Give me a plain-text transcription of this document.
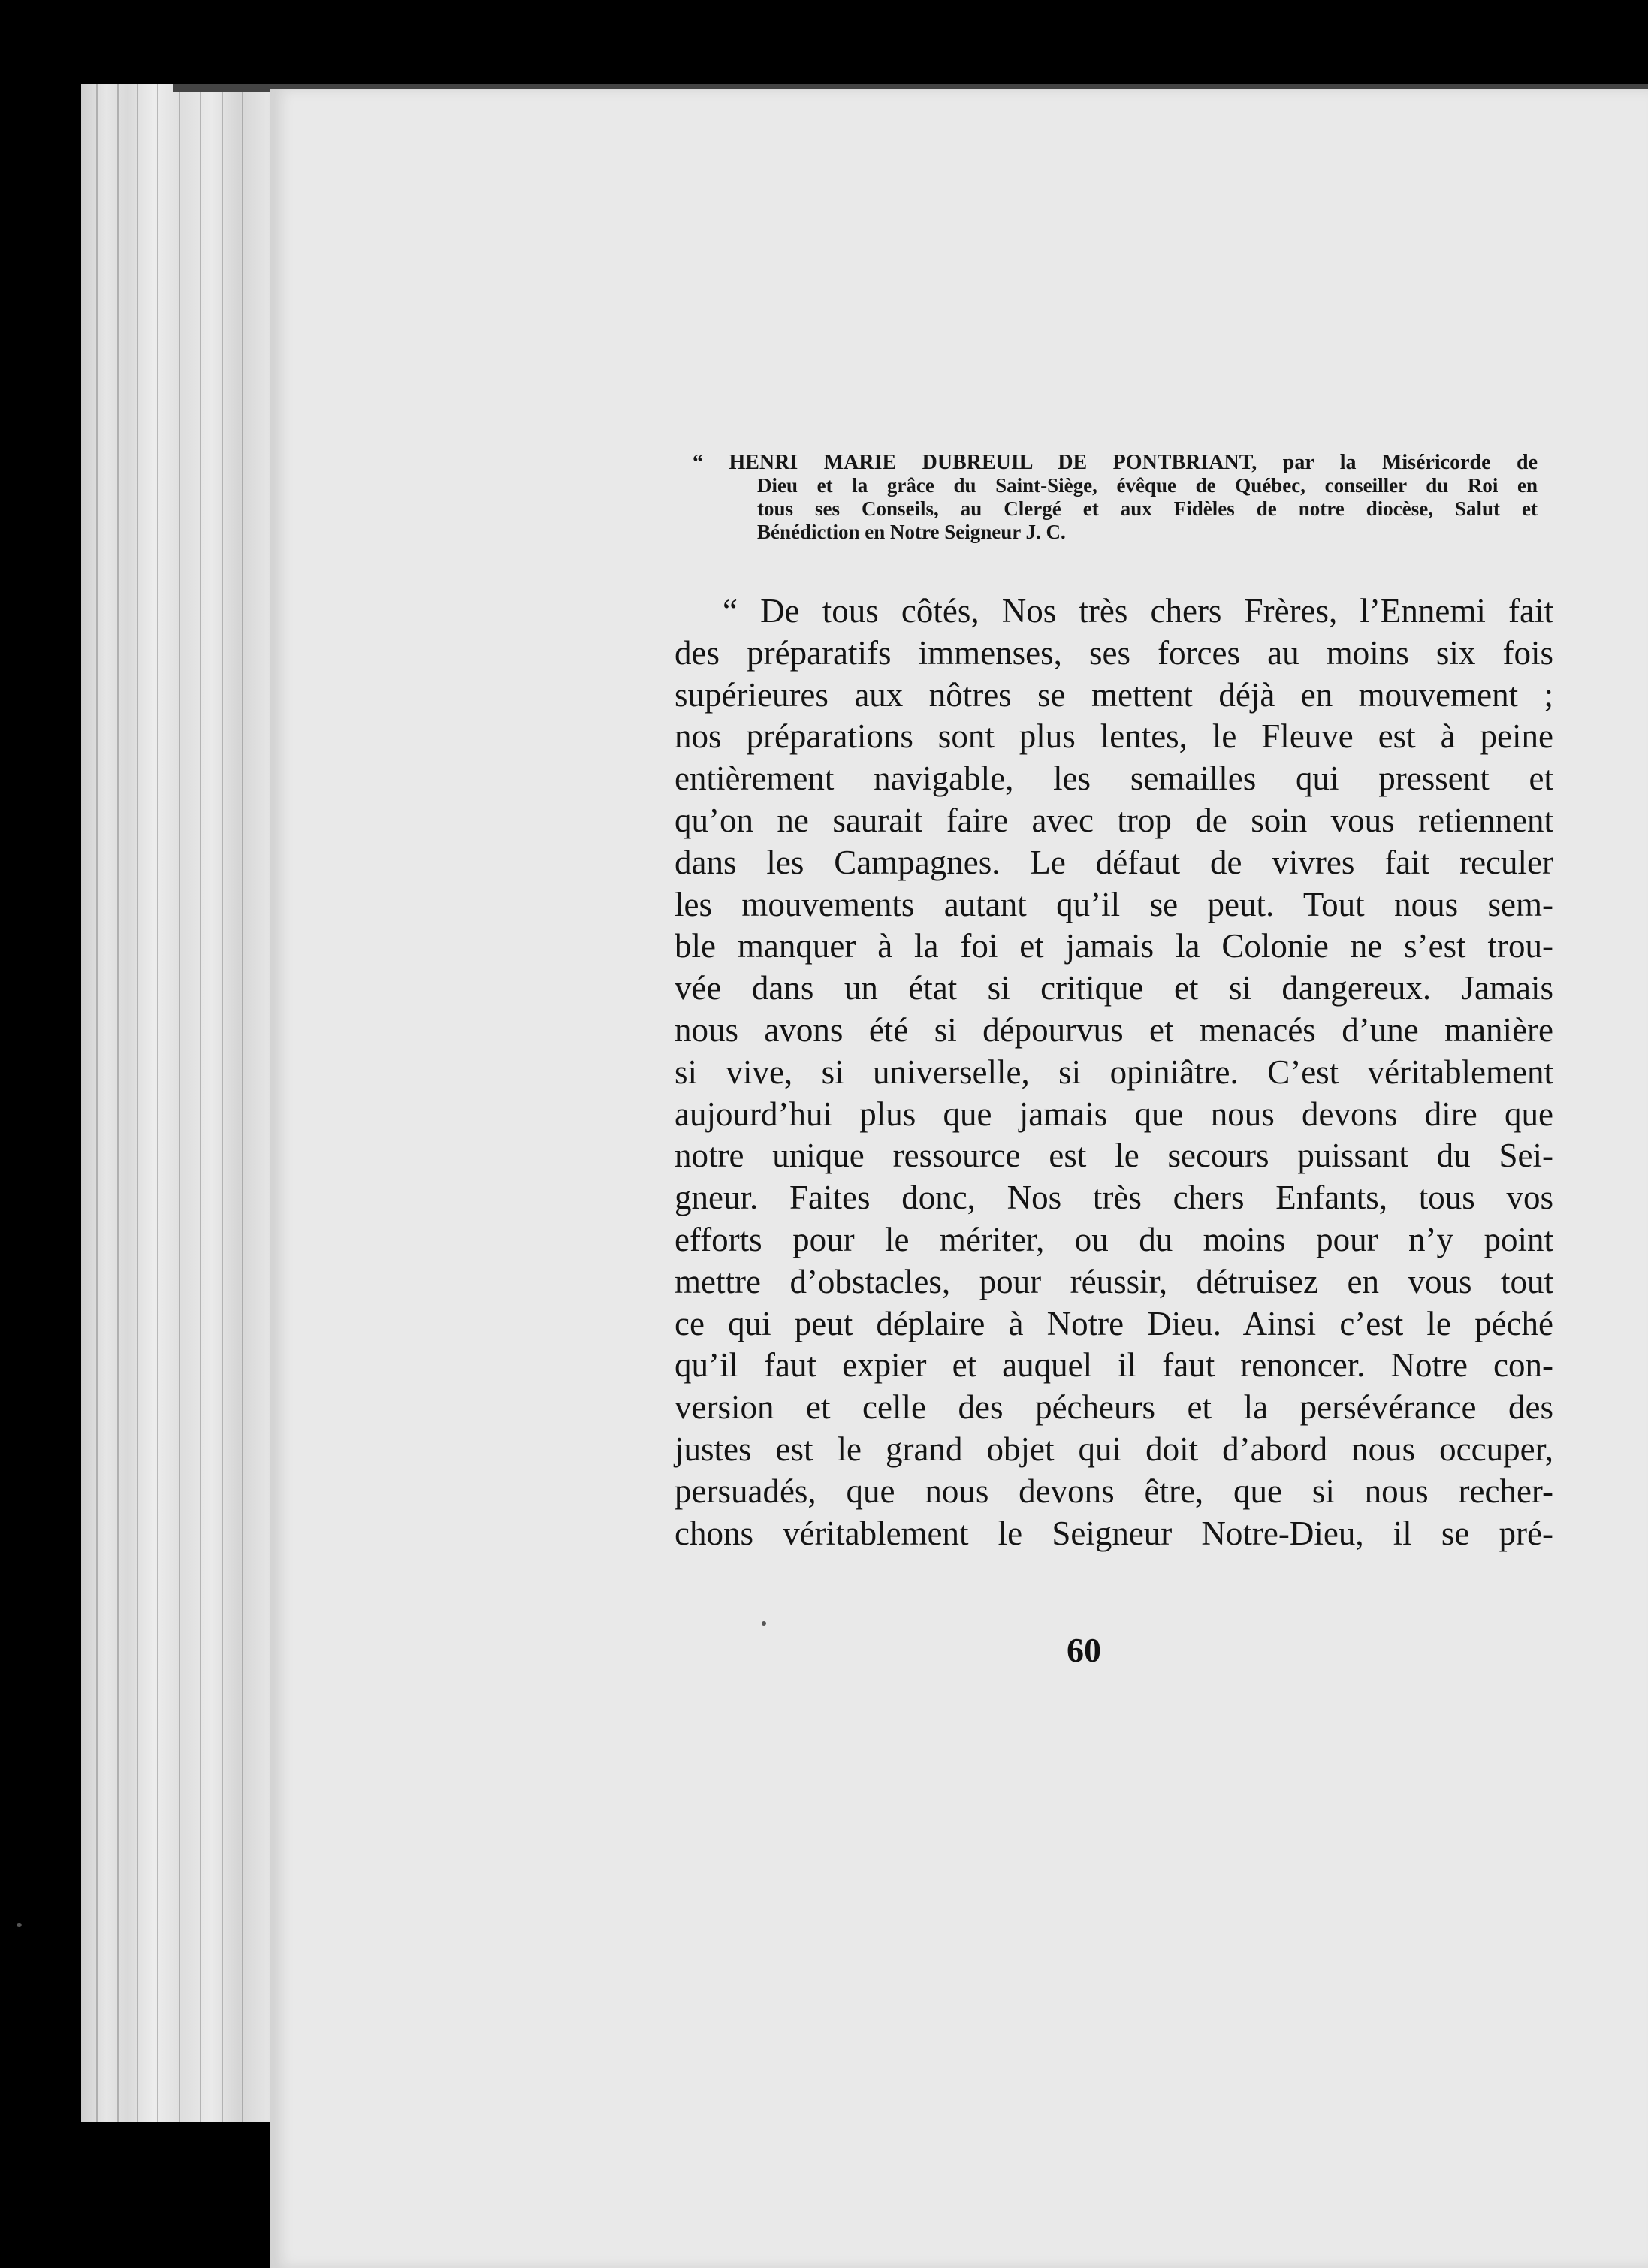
“ HENRI MARIE DUBREUIL DE PONTBRIANT, par la Miséricorde de
Dieu et la grâce du Saint-Siège, évêque de Québec, conseiller du Roi en
tous ses Conseils, au Clergé et aux Fidèles de notre diocèse, Salut et
Bénédiction en Notre Seigneur J. C.
“ De tous côtés, Nos très chers Frères, l’Ennemi fait
des préparatifs immenses, ses forces au moins six fois
supérieures aux nôtres se mettent déjà en mouvement ;
nos préparations sont plus lentes, le Fleuve est à peine
entièrement navigable, les semailles qui pressent et
qu’on ne saurait faire avec trop de soin vous retiennent
dans les Campagnes. Le défaut de vivres fait reculer
les mouvements autant qu’il se peut. Tout nous sem-
ble manquer à la foi et jamais la Colonie ne s’est trou-
vée dans un état si critique et si dangereux. Jamais
nous avons été si dépourvus et menacés d’une manière
si vive, si universelle, si opiniâtre. C’est véritablement
aujourd’hui plus que jamais que nous devons dire que
notre unique ressource est le secours puissant du Sei-
gneur. Faites donc, Nos très chers Enfants, tous vos
efforts pour le mériter, ou du moins pour n’y point
mettre d’obstacles, pour réussir, détruisez en vous tout
ce qui peut déplaire à Notre Dieu. Ainsi c’est le péché
qu’il faut expier et auquel il faut renoncer. Notre con-
version et celle des pécheurs et la persévérance des
justes est le grand objet qui doit d’abord nous occuper,
persuadés, que nous devons être, que si nous recher-
chons véritablement le Seigneur Notre-Dieu, il se pré-
60
